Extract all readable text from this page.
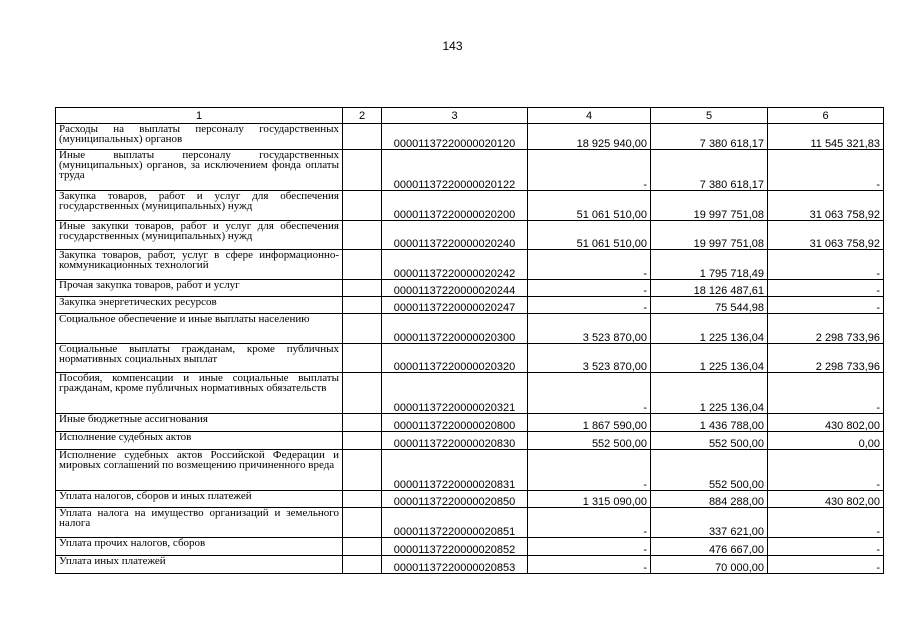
143
1	2	3	4	5	6
Расходы на выплаты персоналу государственных (муниципальных) органов		00001137220000020120	18 925 940,00	7 380 618,17	11 545 321,83
Иные выплаты персоналу государственных (муниципальных) органов, за исключением фонда оплаты труда		00001137220000020122	-	7 380 618,17	-
Закупка товаров, работ и услуг для обеспечения государственных (муниципальных) нужд		00001137220000020200	51 061 510,00	19 997 751,08	31 063 758,92
Иные закупки товаров, работ и услуг для обеспечения государственных (муниципальных) нужд		00001137220000020240	51 061 510,00	19 997 751,08	31 063 758,92
Закупка товаров, работ, услуг в сфере информационно-коммуникационных технологий		00001137220000020242	-	1 795 718,49	-
Прочая закупка товаров, работ и услуг		00001137220000020244	-	18 126 487,61	-
Закупка энергетических ресурсов		00001137220000020247	-	75 544,98	-
Социальное обеспечение и иные выплаты населению		00001137220000020300	3 523 870,00	1 225 136,04	2 298 733,96
Социальные выплаты гражданам, кроме публичных нормативных социальных выплат		00001137220000020320	3 523 870,00	1 225 136,04	2 298 733,96
Пособия, компенсации и иные социальные выплаты гражданам, кроме публичных нормативных обязательств		00001137220000020321	-	1 225 136,04	-
Иные бюджетные ассигнования		00001137220000020800	1 867 590,00	1 436 788,00	430 802,00
Исполнение судебных актов		00001137220000020830	552 500,00	552 500,00	0,00
Исполнение судебных актов Российской Федерации и мировых соглашений по возмещению причиненного вреда		00001137220000020831	-	552 500,00	-
Уплата налогов, сборов и иных платежей		00001137220000020850	1 315 090,00	884 288,00	430 802,00
Уплата налога на имущество организаций и земельного налога		00001137220000020851	-	337 621,00	-
Уплата прочих налогов, сборов		00001137220000020852	-	476 667,00	-
Уплата иных платежей		00001137220000020853	-	70 000,00	-
